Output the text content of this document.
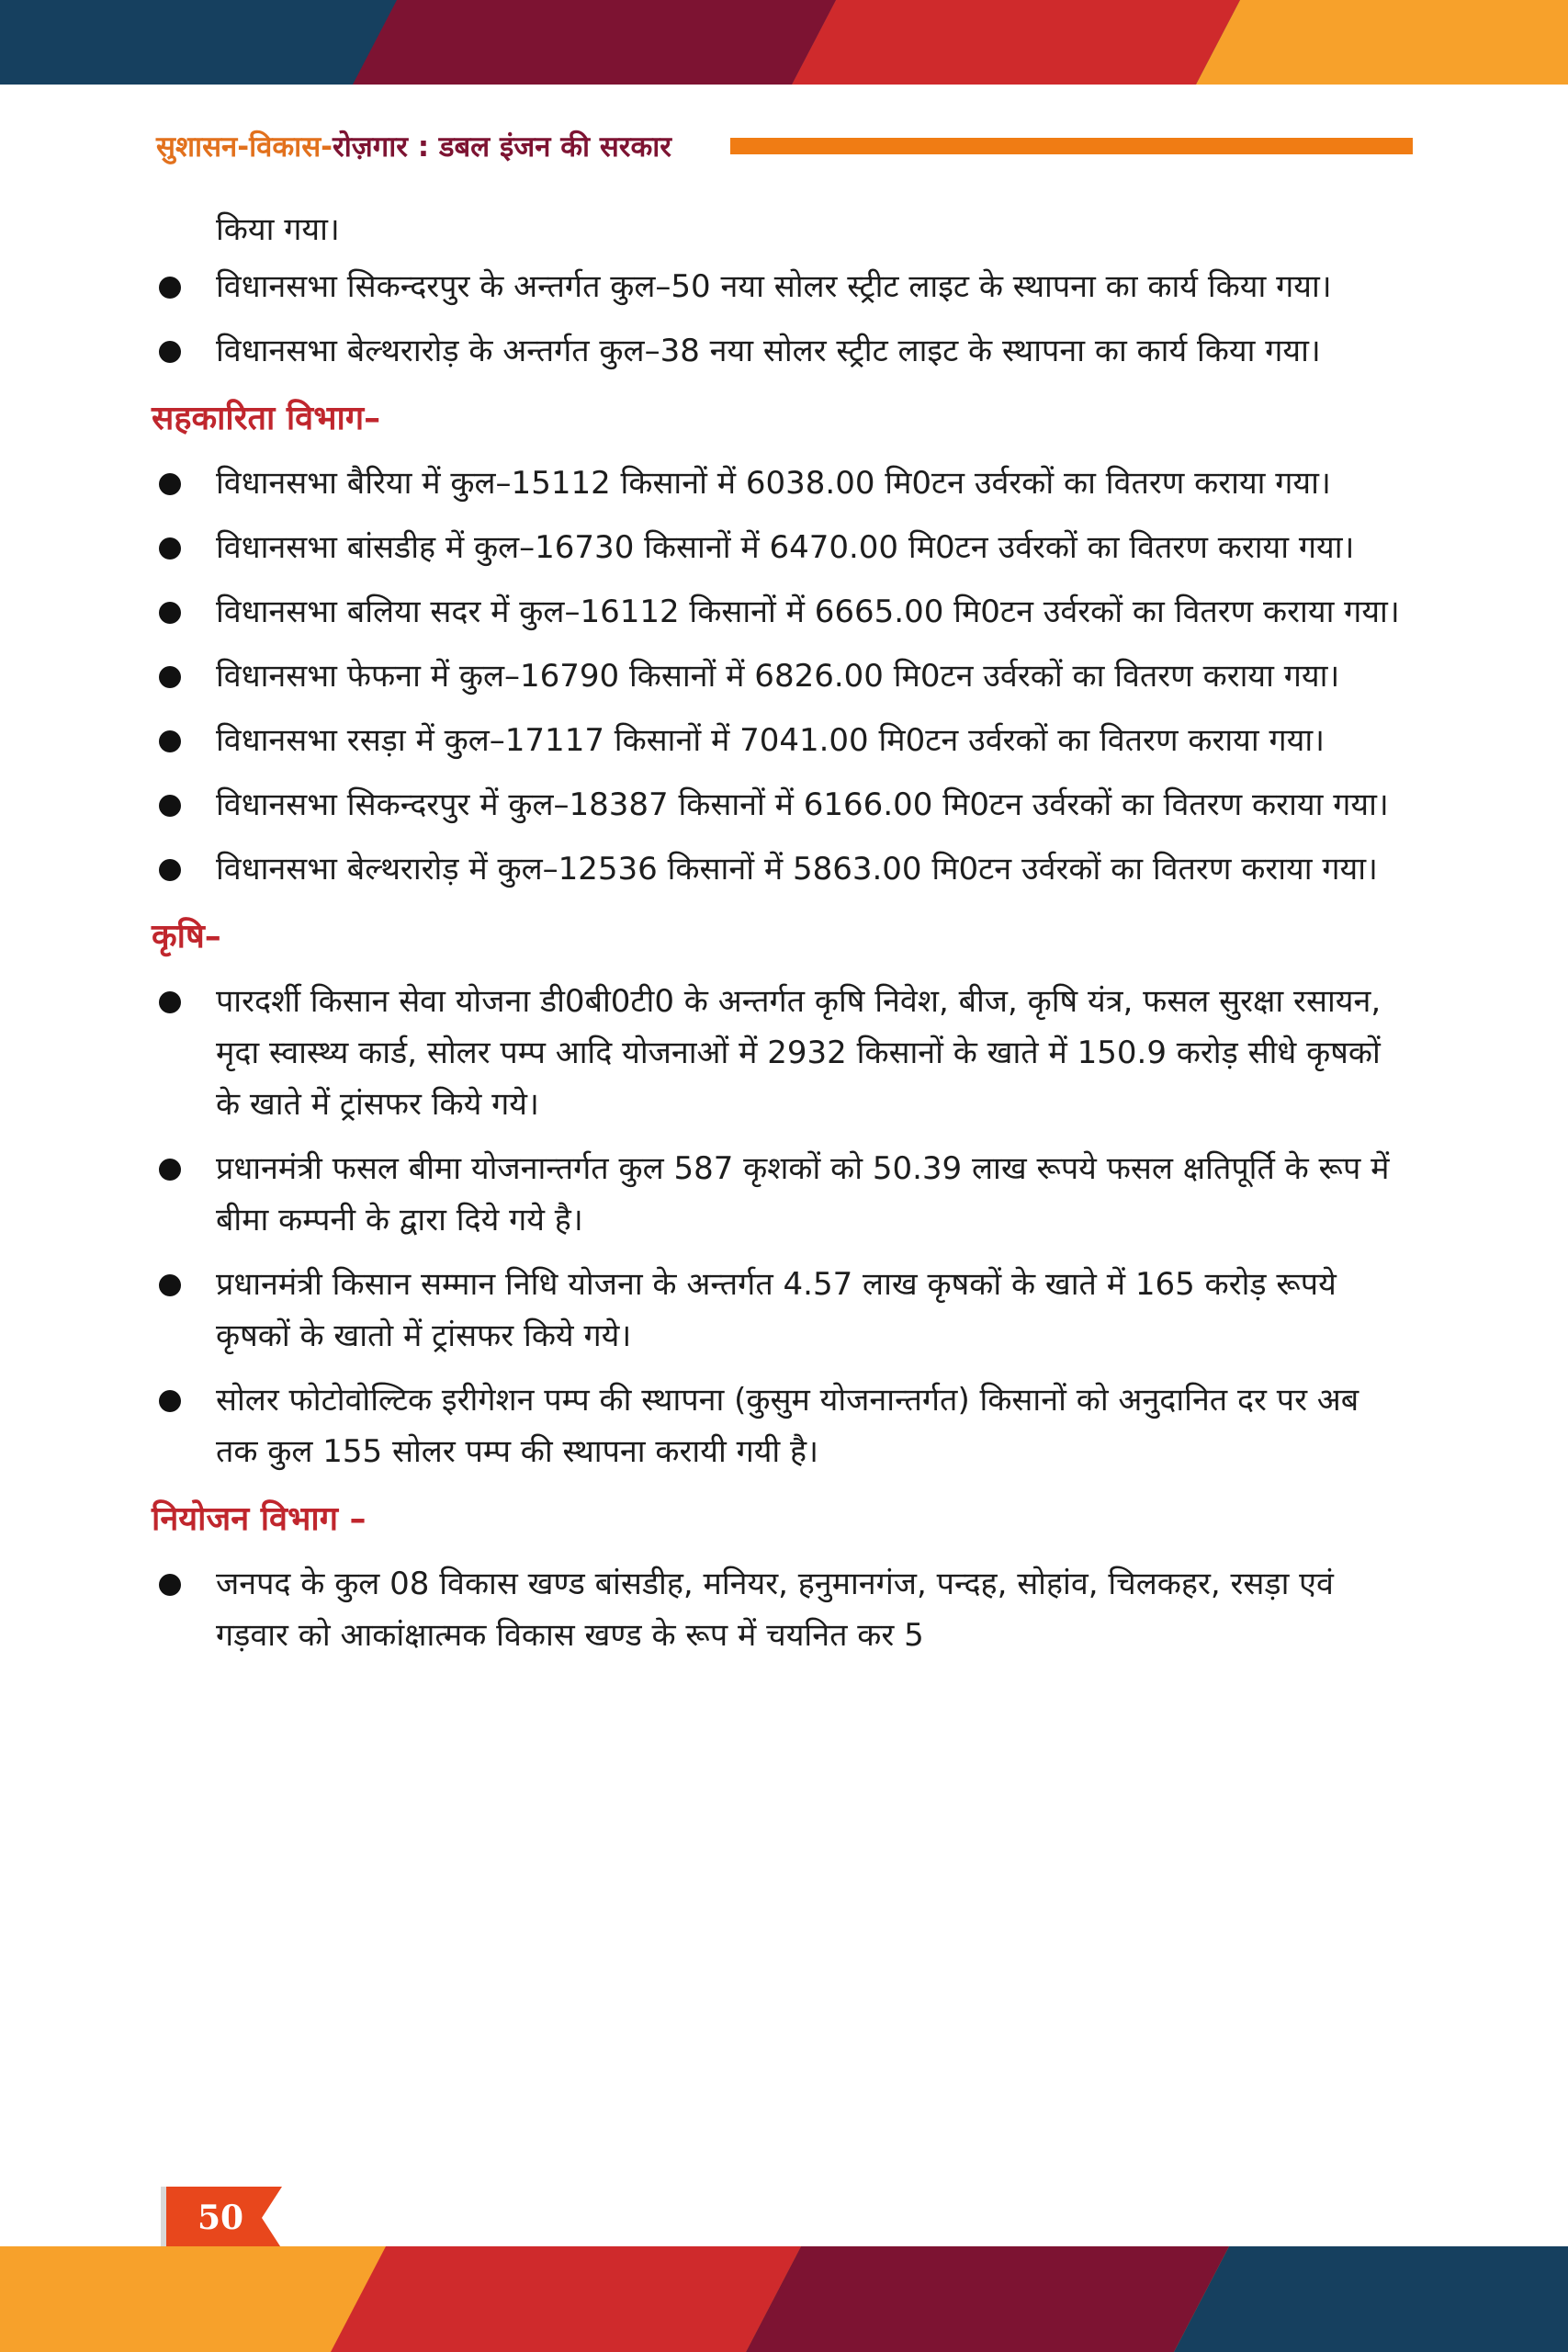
सुशासन-विकास-रोज़गार : डबल इंजन की सरकार

किया गया।

विधानसभा सिकन्दरपुर के अन्तर्गत कुल–50 नया सोलर स्ट्रीट लाइट के स्थापना का कार्य किया गया।
विधानसभा बेल्थरारोड़ के अन्तर्गत कुल–38 नया सोलर स्ट्रीट लाइट के स्थापना का कार्य किया गया।
सहकारिता विभाग–
विधानसभा बैरिया में कुल–15112 किसानों में 6038.00 मि0टन उर्वरकों का वितरण कराया गया।
विधानसभा बांसडीह में कुल–16730 किसानों में 6470.00 मि0टन उर्वरकों का वितरण कराया गया।
विधानसभा बलिया सदर में कुल–16112 किसानों में 6665.00 मि0टन उर्वरकों का वितरण कराया गया।
विधानसभा फेफना में कुल–16790 किसानों में 6826.00 मि0टन उर्वरकों का वितरण कराया गया।
विधानसभा रसड़ा में कुल–17117 किसानों में 7041.00 मि0टन उर्वरकों का वितरण कराया गया।
विधानसभा सिकन्दरपुर में कुल–18387 किसानों में 6166.00 मि0टन उर्वरकों का वितरण कराया गया।
विधानसभा बेल्थरारोड़ में कुल–12536 किसानों में 5863.00 मि0टन उर्वरकों का वितरण कराया गया।
कृषि–
पारदर्शी किसान सेवा योजना डी0बी0टी0 के अन्तर्गत कृषि निवेश, बीज, कृषि यंत्र, फसल सुरक्षा रसायन, मृदा स्वास्थ्य कार्ड, सोलर पम्प आदि योजनाओं में 2932 किसानों के खाते में 150.9 करोड़ सीधे कृषकों के खाते में ट्रांसफर किये गये।
प्रधानमंत्री फसल बीमा योजनान्तर्गत कुल 587 कृशकों को 50.39 लाख रूपये फसल क्षतिपूर्ति के रूप में बीमा कम्पनी के द्वारा दिये गये है।
प्रधानमंत्री किसान सम्मान निधि योजना के अन्तर्गत 4.57 लाख कृषकों के खाते में 165 करोड़ रूपये कृषकों के खातो में ट्रांसफर किये गये।
सोलर फोटोवोल्टिक इरीगेशन पम्प की स्थापना (कुसुम योजनान्तर्गत) किसानों को अनुदानित दर पर अब तक कुल 155 सोलर पम्प की स्थापना करायी गयी है।
नियोजन विभाग –
जनपद के कुल 08 विकास खण्ड बांसडीह, मनियर, हनुमानगंज, पन्दह, सोहांव, चिलकहर, रसड़ा एवं गड़वार को आकांक्षात्मक विकास खण्ड के रूप में चयनित कर 5
50
